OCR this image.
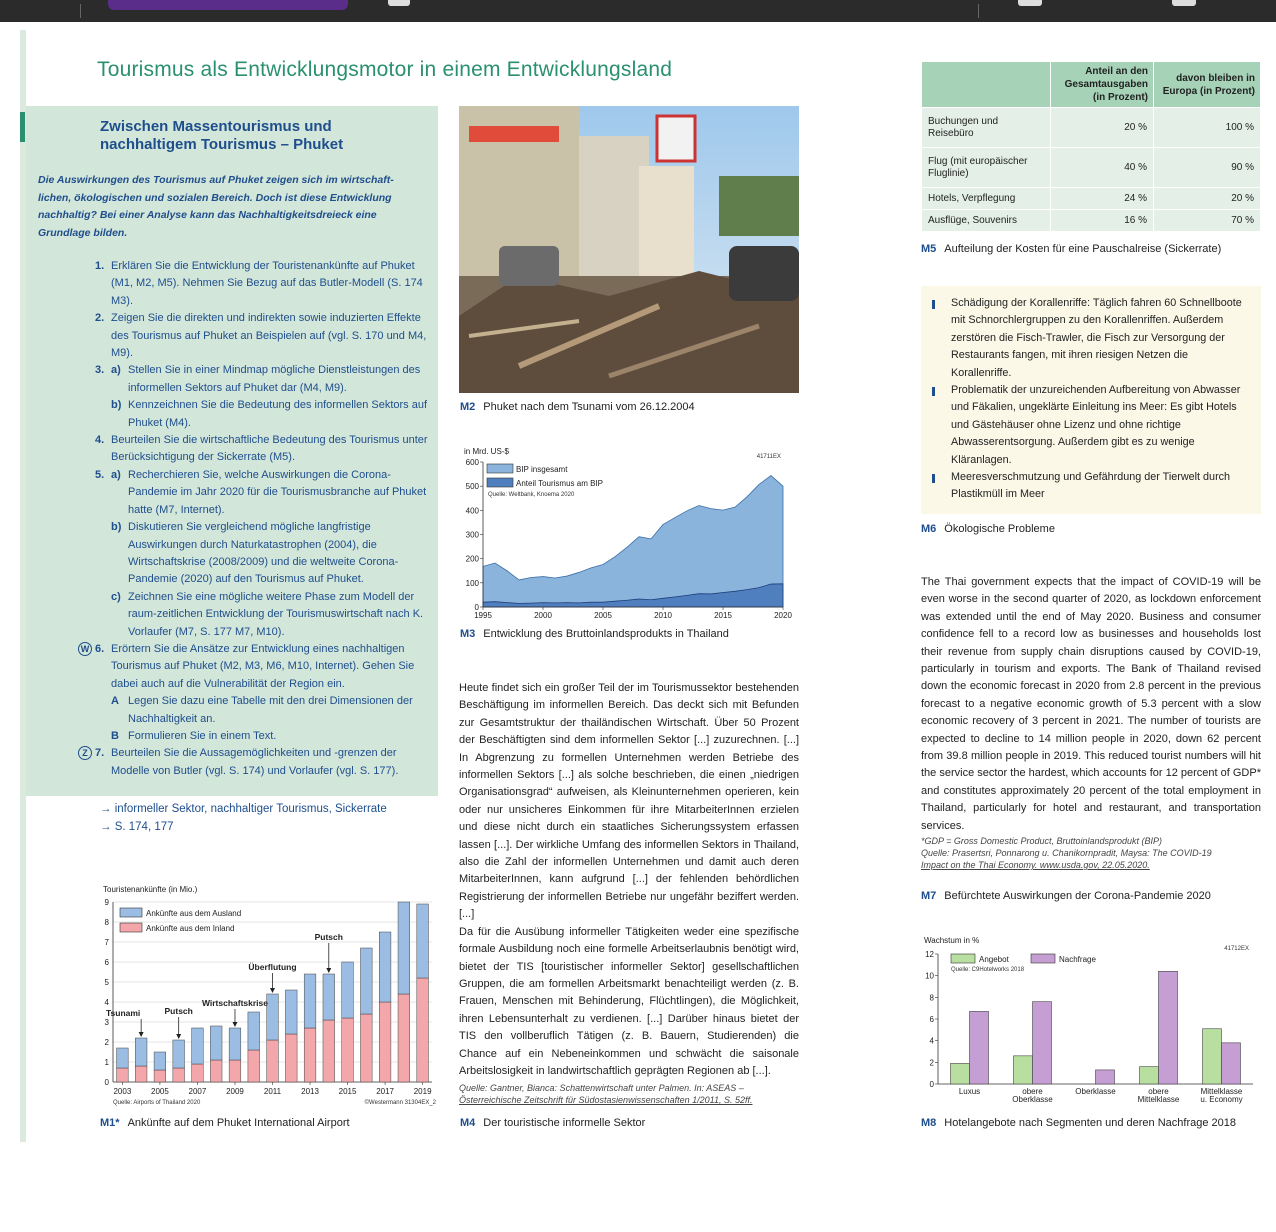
Tourismus als Entwicklungsmotor in einem Entwicklungsland
Zwischen Massentourismus und
nachhaltigem Tourismus – Phuket
Die Auswirkungen des Tourismus auf Phuket zeigen sich im wirtschaftlichen, ökologischen und sozialen Bereich. Doch ist diese Entwicklung nachhaltig? Bei einer Analyse kann das Nachhaltigkeitsdreieck eine Grundlage bilden.
1. Erklären Sie die Entwicklung der Touristenankünfte auf Phuket (M1, M2, M5). Nehmen Sie Bezug auf das Butler-Modell (S. 174 M3).
2. Zeigen Sie die direkten und indirekten sowie induzierten Effekte des Tourismus auf Phuket an Beispielen auf (vgl. S. 170 und M4, M9).
3. a) Stellen Sie in einer Mindmap mögliche Dienstleistungen des informellen Sektors auf Phuket dar (M4, M9).
b) Kennzeichnen Sie die Bedeutung des informellen Sektors auf Phuket (M4).
4. Beurteilen Sie die wirtschaftliche Bedeutung des Tourismus unter Berücksichtigung der Sickerrate (M5).
5. a) Recherchieren Sie, welche Auswirkungen die Corona-Pandemie im Jahr 2020 für die Tourismusbranche auf Phuket hatte (M7, Internet).
b) Diskutieren Sie vergleichend mögliche langfristige Auswirkungen durch Naturkatastrophen (2004), die Wirtschaftskrise (2008/2009) und die weltweite Corona-Pandemie (2020) auf den Tourismus auf Phuket.
c) Zeichnen Sie eine mögliche weitere Phase zum Modell der raum-zeitlichen Entwicklung der Tourismuswirtschaft nach K. Vorlaufer (M7, S. 177 M7, M10).
W 6. Erörtern Sie die Ansätze zur Entwicklung eines nachhaltigen Tourismus auf Phuket (M2, M3, M6, M10, Internet). Gehen Sie dabei auch auf die Vulnerabilität der Region ein.
A Legen Sie dazu eine Tabelle mit den drei Dimensionen der Nachhaltigkeit an.
B Formulieren Sie in einem Text.
Z 7. Beurteilen Sie die Aussagemöglichkeiten und -grenzen der Modelle von Butler (vgl. S. 174) und Vorlaufer (vgl. S. 177).
→ informeller Sektor, nachhaltiger Tourismus, Sickerrate
→ S. 174, 177
Touristenankünfte (in Mio.)
0
1
2
3
4
5
6
7
8
9
2003 2005 2007 2009	2011	2013 2015 2017 2019
Tsunami	Putsch
Wirtschaftskrise
Überflutung
Putsch
Ankünfte aus dem Ausland
Ankünfte aus dem Inland
Quelle: Airports of Thailand 2020	©Westermann 31304EX_2
M1* Ankünfte auf dem Phuket International Airport
M2 Phuket nach dem Tsunami vom 26.12.2004
in Mrd. US-$
41711EX
0
100
200
300
400
500
600
1995	2000	2005	2010	2015	2020
BIP insgesamt
Anteil Tourismus am BIP
Quelle: Weltbank, Knoema 2020
M3 Entwicklung des Bruttoinlandsprodukts in Thailand
Heute findet sich ein großer Teil der im Tourismussektor bestehenden Beschäftigung im informellen Bereich. Das deckt sich mit Befunden zur Gesamtstruktur der thailändischen Wirtschaft. Über 50 Prozent der Beschäftigten sind dem informellen Sektor [...] zuzurechnen. [...] In Abgrenzung zu formellen Unternehmen werden Betriebe des informellen Sektors [...] als solche beschrieben, die einen „niedrigen Organisationsgrad“ aufweisen, als Kleinunternehmen operieren, kein oder nur unsicheres Einkommen für ihre MitarbeiterInnen erzielen und diese nicht durch ein staatliches Sicherungssystem erfassen lassen [...]. Der wirkliche Umfang des informellen Sektors in Thailand, also die Zahl der informellen Unternehmen und damit auch deren MitarbeiterInnen, kann aufgrund [...] der fehlenden behördlichen Registrierung der informellen Betriebe nur ungefähr beziffert werden. [...]
Da für die Ausübung informeller Tätigkeiten weder eine spezifische formale Ausbildung noch eine formelle Arbeitserlaubnis benötigt wird, bietet der TIS [touristischer informeller Sektor] gesellschaftlichen Gruppen, die am formellen Arbeitsmarkt benachteiligt werden (z. B. Frauen, Menschen mit Behinderung, Flüchtlingen), die Möglichkeit, ihren Lebensunterhalt zu verdienen. [...] Darüber hinaus bietet der TIS den vollberuflich Tätigen (z. B. Bauern, Studierenden) die Chance auf ein Nebeneinkommen und schwächt die saisonale Arbeitslosigkeit in landwirtschaftlich geprägten Regionen ab [...].
Quelle: Gantner, Bianca: Schattenwirtschaft unter Palmen. In: ASEAS –
Österreichische Zeitschrift für Südostasienwissenschaften 1/2011, S. 52ff.
M4 Der touristische informelle Sektor
	Anteil an den Gesamtausgaben (in Prozent)	davon bleiben in Europa (in Prozent)
Buchungen und Reisebüro	20 %	100 %
Flug (mit europäischer Fluglinie)	40 %	90 %
Hotels, Verpflegung	24 %	20 %
Ausflüge, Souvenirs	16 %	70 %
M5 Aufteilung der Kosten für eine Pauschalreise (Sickerrate)
Schädigung der Korallenriffe: Täglich fahren 60 Schnellboote mit Schnorchlergruppen zu den Korallenriffen. Außerdem zerstören die Fisch-Trawler, die Fisch zur Versorgung der Restaurants fangen, mit ihren riesigen Netzen die Korallenriffe.
Problematik der unzureichenden Aufbereitung von Abwasser und Fäkalien, ungeklärte Einleitung ins Meer: Es gibt Hotels und Gästehäuser ohne Lizenz und ohne richtige Abwasserentsorgung. Außerdem gibt es zu wenige Kläranlagen.
Meeresverschmutzung und Gefährdung der Tierwelt durch Plastikmüll im Meer
M6 Ökologische Probleme
The Thai government expects that the impact of COVID-19 will be even worse in the second quarter of 2020, as lockdown enforcement was extended until the end of May 2020. Business and consumer confidence fell to a record low as businesses and households lost their revenue from supply chain disruptions caused by COVID-19, particularly in tourism and exports. The Bank of Thailand revised down the economic forecast in 2020 from 2.8 percent in the previous forecast to a negative economic growth of 5.3 percent with a slow economic recovery of 3 percent in 2021. The number of tourists are expected to decline to 14 million people in 2020, down 62 percent from 39.8 million people in 2019. This reduced tourist numbers will hit the service sector the hardest, which accounts for 12 percent of GDP* and constitutes approximately 20 percent of the total employment in Thailand, particularly for hotel and restaurant, and transportation services.
*GDP = Gross Domestic Product, Bruttoinlandsprodukt (BIP)
Quelle: Prasertsri, Ponnarong u. Chanikornpradit, Maysa: The COVID-19
Impact on the Thai Economy. www.usda.gov, 22.05.2020.
M7 Befürchtete Auswirkungen der Corona-Pandemie 2020
Wachstum in %
41712EX
0
2
4
6
8
10
12
Luxus	obere
Oberklasse
Oberklasse	obere
Mittelklasse
Mittelklasse
u. Economy
Angebot	Nachfrage
Quelle: C9Hotelworks 2018
M8 Hotelangebote nach Segmenten und deren Nachfrage 2018
